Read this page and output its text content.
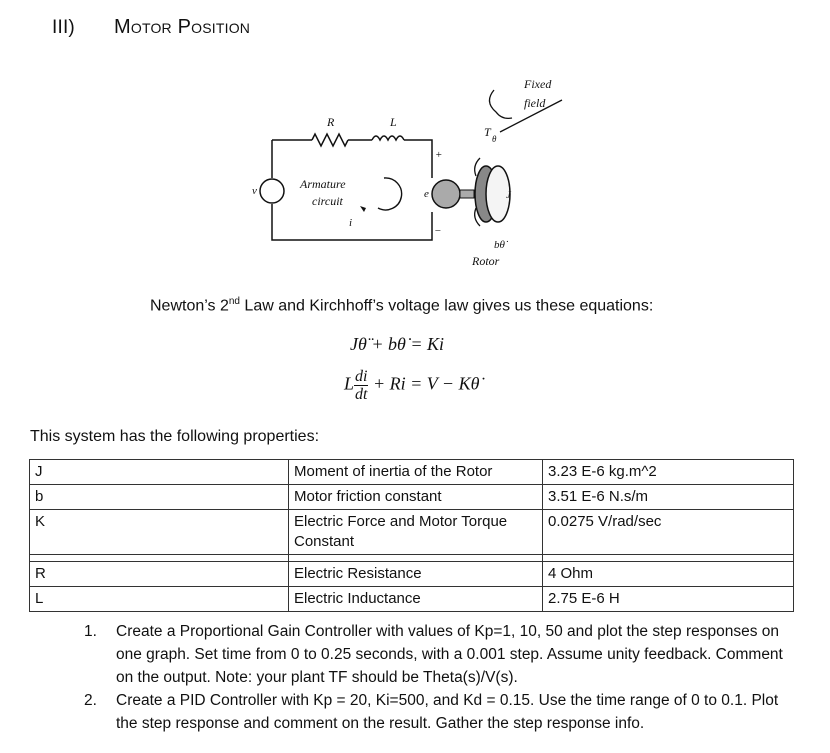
III) Motor Position
R	L
v
+
−
Armature
circuit
i
e
T θ
J
bθ̇
Rotor
Fixed
field
Newton’s 2nd Law and Kirchhoff’s voltage law gives us these equations:
Jθ̈ + bθ̇ = Ki
L $\frac{di}{dt} + Ri = V$ − Kθ̇
This system has the following properties:
J	Moment of inertia of the Rotor	3.23 E-6 kg.m^2
b	Motor friction constant	3.51 E-6 N.s/m
K	Electric Force and Motor Torque Constant	0.0275 V/rad/sec

R	Electric Resistance	4 Ohm
L	Electric Inductance	2.75 E-6 H
1. Create a Proportional Gain Controller with values of Kp=1, 10, 50 and plot the step responses on one graph. Set time from 0 to 0.25 seconds, with a 0.001 step. Assume unity feedback. Comment on the output. Note: your plant TF should be Theta(s)/V(s).
2. Create a PID Controller with Kp = 20, Ki=500, and Kd = 0.15. Use the time range of 0 to 0.1. Plot the step response and comment on the result. Gather the step response info.
